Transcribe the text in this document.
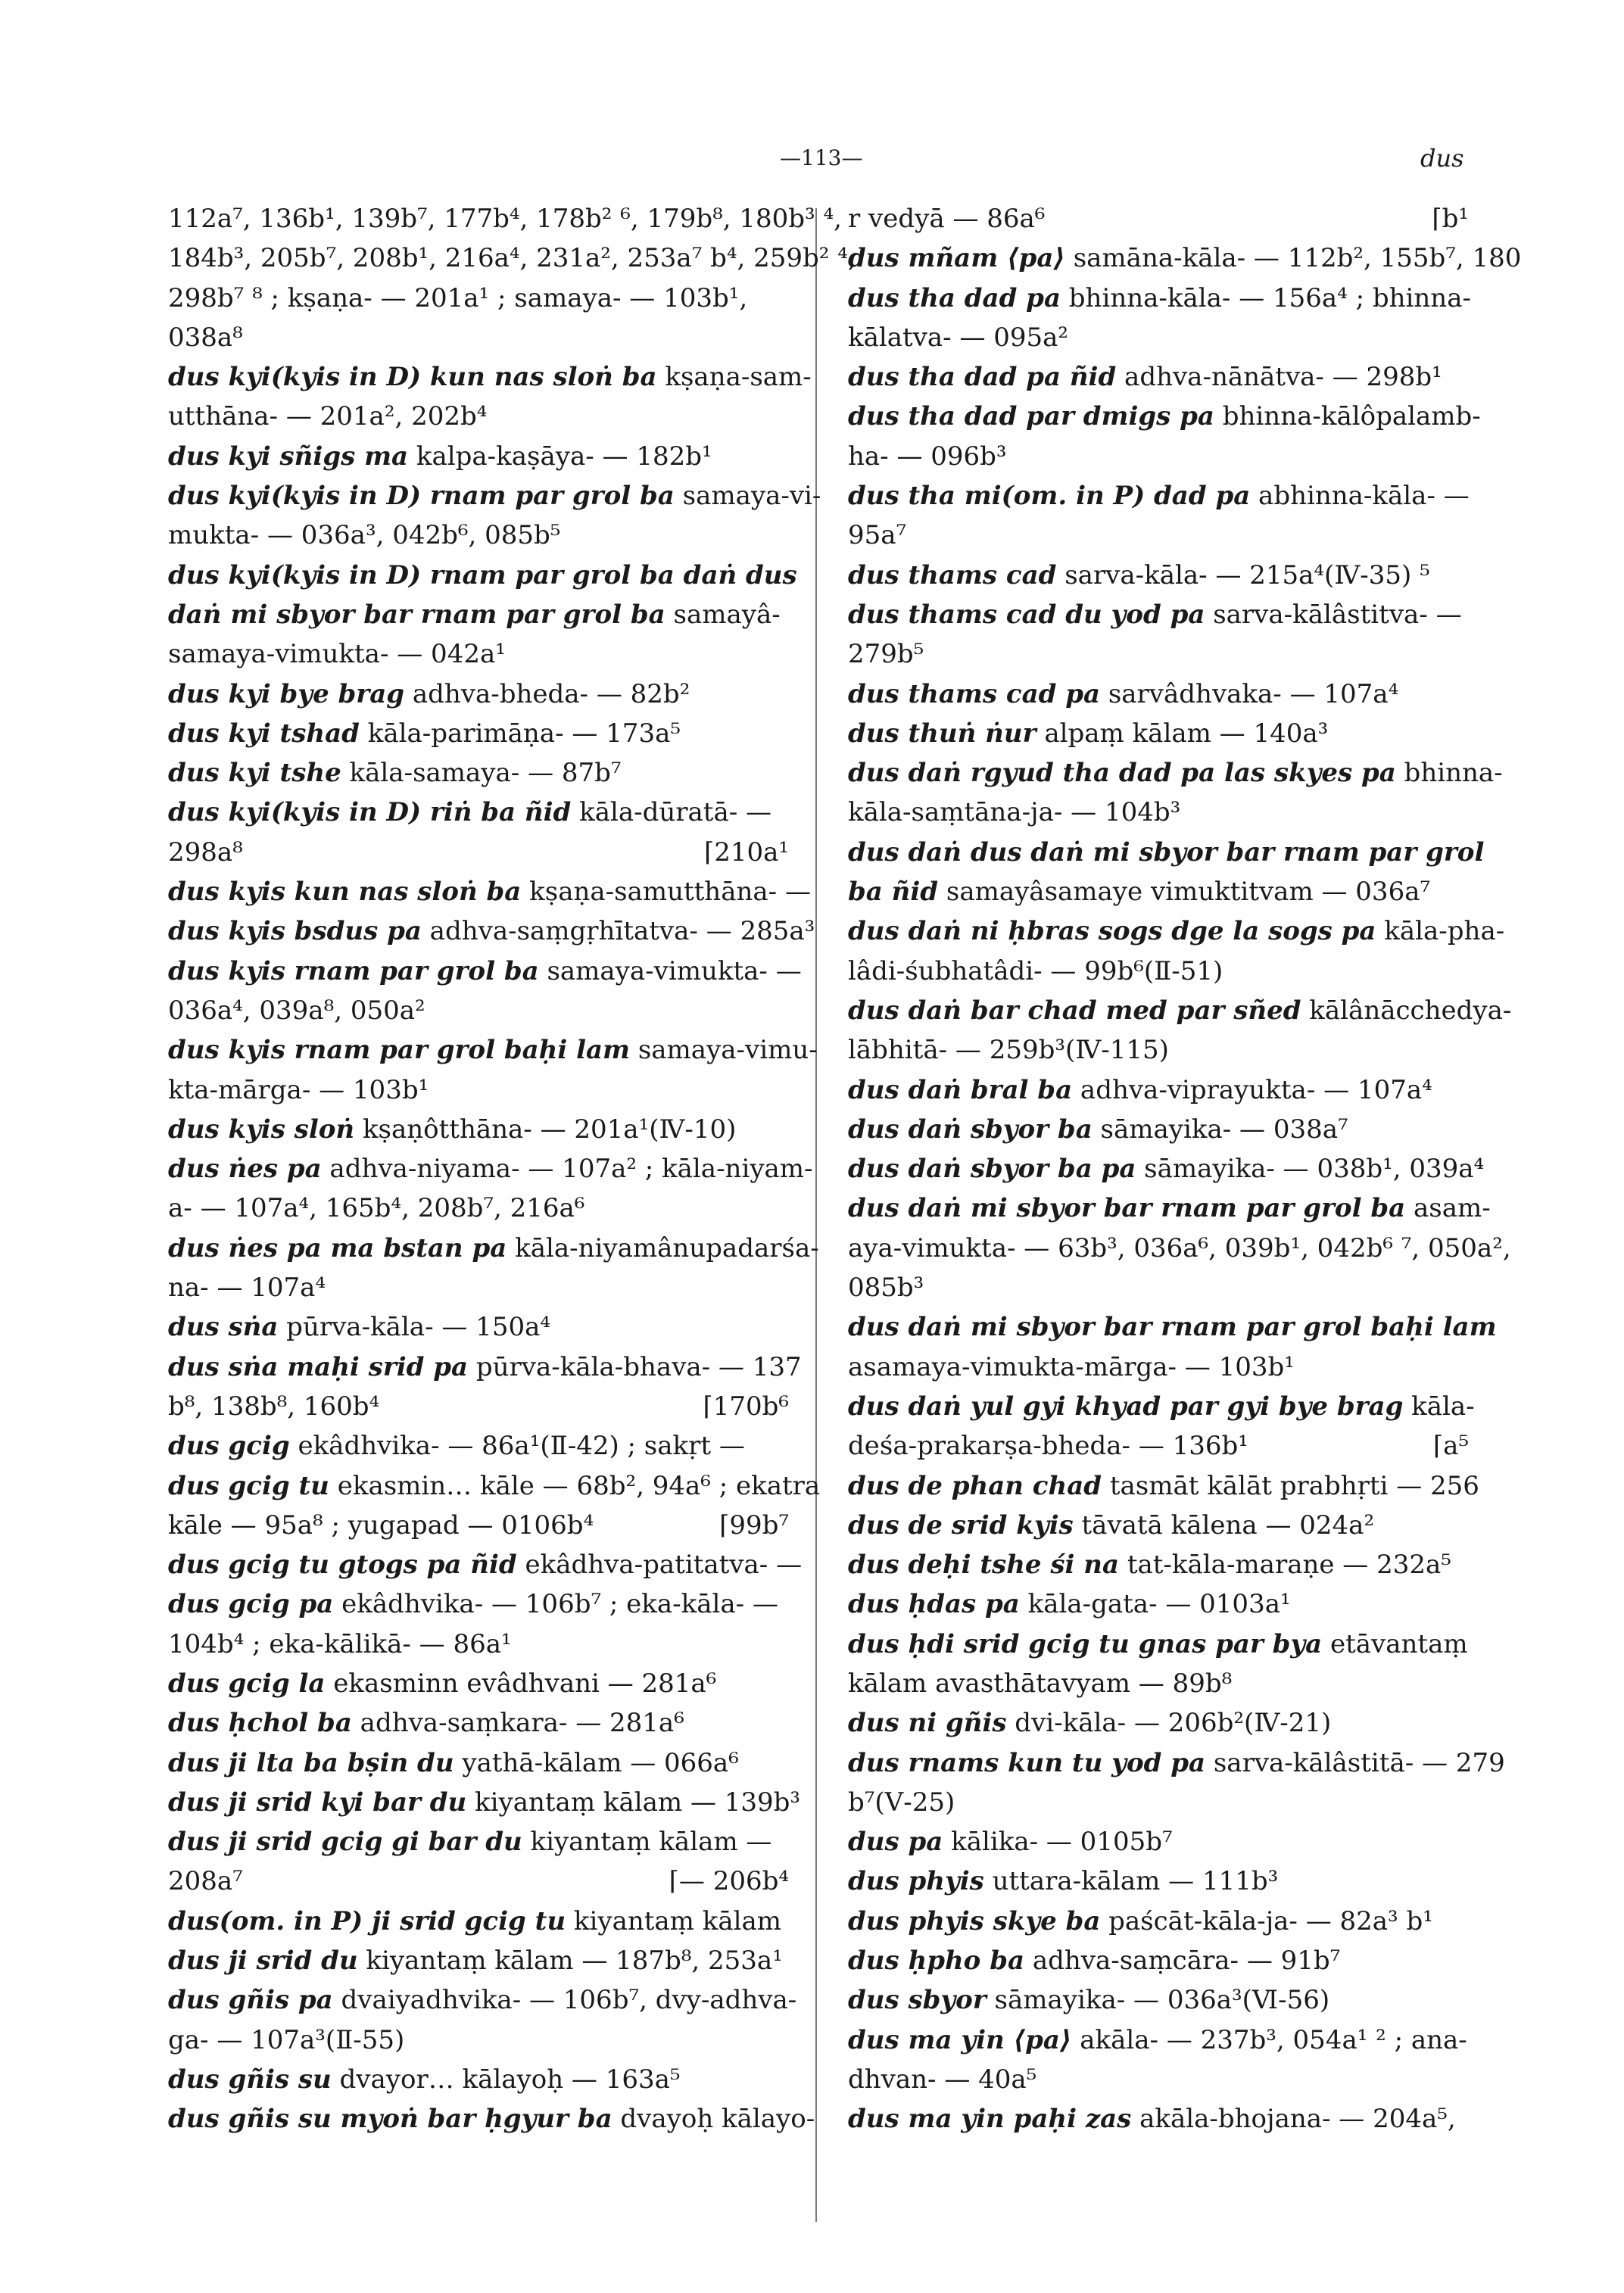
—113—	dus
112a⁷, 136b¹, 139b⁷, 177b⁴, 178b² ⁶, 179b⁸, 180b³ ⁴,
184b³, 205b⁷, 208b¹, 216a⁴, 231a², 253a⁷ b⁴, 259b² ⁴,
298b⁷ ⁸ ; kṣaṇa- — 201a¹ ; samaya- — 103b¹,
038a⁸
dus kyi(kyis in D) kun nas sloṅ ba kṣaṇa-sam-
utthāna- — 201a², 202b⁴
dus kyi sñigs ma kalpa-kaṣāya- — 182b¹
dus kyi(kyis in D) rnam par grol ba samaya-vi-
mukta- — 036a³, 042b⁶, 085b⁵
dus kyi(kyis in D) rnam par grol ba daṅ dus
daṅ mi sbyor bar rnam par grol ba samayâ-
samaya-vimukta- — 042a¹
dus kyi bye brag adhva-bheda- — 82b²
dus kyi tshad kāla-parimāṇa- — 173a⁵
dus kyi tshe kāla-samaya- — 87b⁷
dus kyi(kyis in D) riṅ ba ñid kāla-dūratā- —
⌈210a¹
298a⁸
dus kyis kun nas sloṅ ba kṣaṇa-samutthāna- —
dus kyis bsdus pa adhva-saṃgṛhītatva- — 285a³
dus kyis rnam par grol ba samaya-vimukta- —
036a⁴, 039a⁸, 050a²
dus kyis rnam par grol baḥi lam samaya-vimu-
kta-mārga- — 103b¹
dus kyis sloṅ kṣaṇôtthāna- — 201a¹(Ⅳ-10)
dus ṅes pa adhva-niyama- — 107a² ; kāla-niyam-
a- — 107a⁴, 165b⁴, 208b⁷, 216a⁶
dus ṅes pa ma bstan pa kāla-niyamânupadarśa-
na- — 107a⁴
dus sṅa pūrva-kāla- — 150a⁴
dus sṅa maḥi srid pa pūrva-kāla-bhava- — 137
⌈170b⁶
b⁸, 138b⁸, 160b⁴
dus gcig ekâdhvika- — 86a¹(Ⅱ-42) ; sakṛt —
dus gcig tu ekasmin… kāle — 68b², 94a⁶ ; ekatra
⌈99b⁷
kāle — 95a⁸ ; yugapad — 0106b⁴
dus gcig tu gtogs pa ñid ekâdhva-patitatva- —
dus gcig pa ekâdhvika- — 106b⁷ ; eka-kāla- —
104b⁴ ; eka-kālikā- — 86a¹
dus gcig la ekasminn evâdhvani — 281a⁶
dus ḥchol ba adhva-saṃkara- — 281a⁶
dus ji lta ba bṣin du yathā-kālam — 066a⁶
dus ji srid kyi bar du kiyantaṃ kālam — 139b³
dus ji srid gcig gi bar du kiyantaṃ kālam —
⌈— 206b⁴
208a⁷
dus(om. in P) ji srid gcig tu kiyantaṃ kālam
dus ji srid du kiyantaṃ kālam — 187b⁸, 253a¹
dus gñis pa dvaiyadhvika- — 106b⁷, dvy-adhva-
ga- — 107a³(Ⅱ-55)
dus gñis su dvayor… kālayoḥ — 163a⁵
dus gñis su myoṅ bar ḥgyur ba dvayoḥ kālayo-
⌈b¹
r vedyā — 86a⁶
dus mñam ⟨pa⟩ samāna-kāla- — 112b², 155b⁷, 180
dus tha dad pa bhinna-kāla- — 156a⁴ ; bhinna-
kālatva- — 095a²
dus tha dad pa ñid adhva-nānātva- — 298b¹
dus tha dad par dmigs pa bhinna-kālôpalamb-
ha- — 096b³
dus tha mi(om. in P) dad pa abhinna-kāla- —
95a⁷
dus thams cad sarva-kāla- — 215a⁴(Ⅳ-35) ⁵
dus thams cad du yod pa sarva-kālâstitva- —
279b⁵
dus thams cad pa sarvâdhvaka- — 107a⁴
dus thuṅ ṅur alpaṃ kālam — 140a³
dus daṅ rgyud tha dad pa las skyes pa bhinna-
kāla-saṃtāna-ja- — 104b³
dus daṅ dus daṅ mi sbyor bar rnam par grol
ba ñid samayâsamaye vimuktitvam — 036a⁷
dus daṅ ni ḥbras sogs dge la sogs pa kāla-pha-
lâdi-śubhatâdi- — 99b⁶(Ⅱ-51)
dus daṅ bar chad med par sñed kālânācchedya-
lābhitā- — 259b³(Ⅳ-115)
dus daṅ bral ba adhva-viprayukta- — 107a⁴
dus daṅ sbyor ba sāmayika- — 038a⁷
dus daṅ sbyor ba pa sāmayika- — 038b¹, 039a⁴
dus daṅ mi sbyor bar rnam par grol ba asam-
aya-vimukta- — 63b³, 036a⁶, 039b¹, 042b⁶ ⁷, 050a²,
085b³
dus daṅ mi sbyor bar rnam par grol baḥi lam
asamaya-vimukta-mārga- — 103b¹
dus daṅ yul gyi khyad par gyi bye brag kāla-
⌈a⁵
deśa-prakarṣa-bheda- — 136b¹
dus de phan chad tasmāt kālāt prabhṛti — 256
dus de srid kyis tāvatā kālena — 024a²
dus deḥi tshe śi na tat-kāla-maraṇe — 232a⁵
dus ḥdas pa kāla-gata- — 0103a¹
dus ḥdi srid gcig tu gnas par bya etāvantaṃ
kālam avasthātavyam — 89b⁸
dus ni gñis dvi-kāla- — 206b²(Ⅳ-21)
dus rnams kun tu yod pa sarva-kālâstitā- — 279
b⁷(Ⅴ-25)
dus pa kālika- — 0105b⁷
dus phyis uttara-kālam — 111b³
dus phyis skye ba paścāt-kāla-ja- — 82a³ b¹
dus ḥpho ba adhva-saṃcāra- — 91b⁷
dus sbyor sāmayika- — 036a³(Ⅵ-56)
dus ma yin ⟨pa⟩ akāla- — 237b³, 054a¹ ² ; ana-
dhvan- — 40a⁵
dus ma yin paḥi zas akāla-bhojana- — 204a⁵,
